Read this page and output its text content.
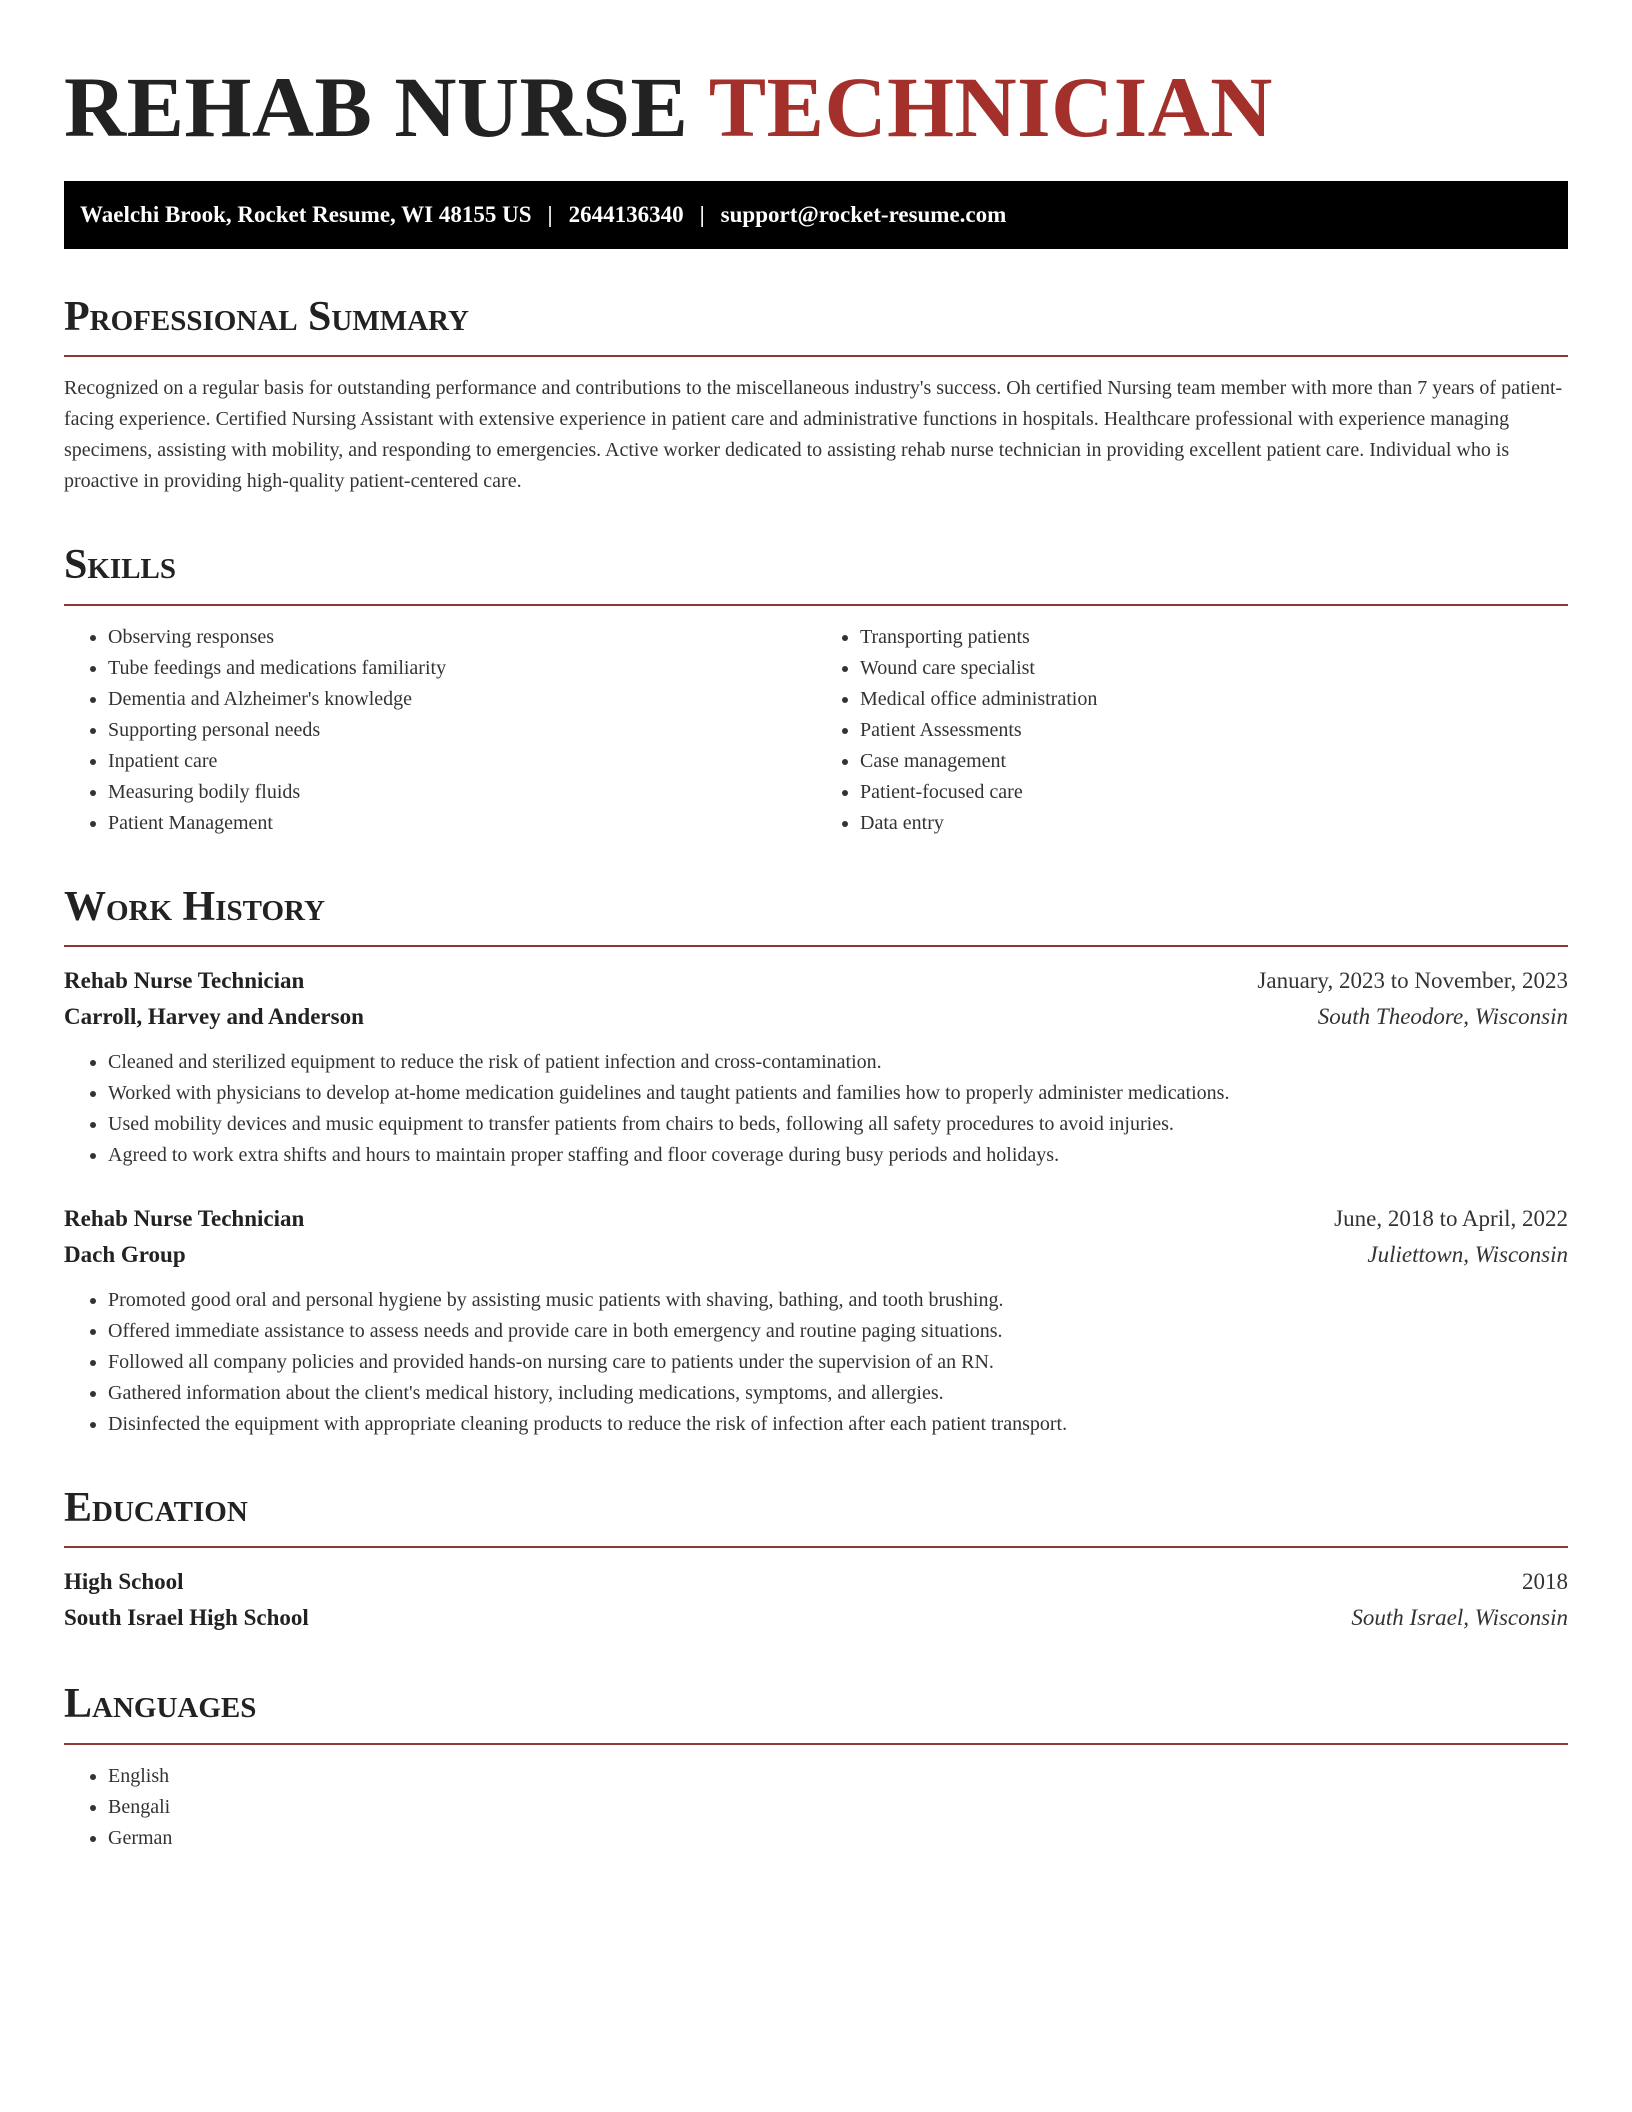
REHAB NURSE TECHNICIAN
Waelchi Brook, Rocket Resume, WI 48155 US | 2644136340 | support@rocket-resume.com
Professional Summary

Recognized on a regular basis for outstanding performance and contributions to the miscellaneous industry's success. Oh certified Nursing team member with more than 7 years of patient-facing experience. Certified Nursing Assistant with extensive experience in patient care and administrative functions in hospitals. Healthcare professional with experience managing specimens, assisting with mobility, and responding to emergencies. Active worker dedicated to assisting rehab nurse technician in providing excellent patient care. Individual who is proactive in providing high-quality patient-centered care.

Skills
• Observing responses
• Tube feedings and medications familiarity
• Dementia and Alzheimer's knowledge
• Supporting personal needs
• Inpatient care
• Measuring bodily fluids
• Patient Management
• Transporting patients
• Wound care specialist
• Medical office administration
• Patient Assessments
• Case management
• Patient-focused care
• Data entry
Work History
Rehab Nurse Technician	January, 2023 to November, 2023
Carroll, Harvey and Anderson	South Theodore, Wisconsin
• Cleaned and sterilized equipment to reduce the risk of patient infection and cross-contamination.
• Worked with physicians to develop at-home medication guidelines and taught patients and families how to properly administer medications.
• Used mobility devices and music equipment to transfer patients from chairs to beds, following all safety procedures to avoid injuries.
• Agreed to work extra shifts and hours to maintain proper staffing and floor coverage during busy periods and holidays.
Rehab Nurse Technician	June, 2018 to April, 2022
Dach Group	Juliettown, Wisconsin
• Promoted good oral and personal hygiene by assisting music patients with shaving, bathing, and tooth brushing.
• Offered immediate assistance to assess needs and provide care in both emergency and routine paging situations.
• Followed all company policies and provided hands-on nursing care to patients under the supervision of an RN.
• Gathered information about the client's medical history, including medications, symptoms, and allergies.
• Disinfected the equipment with appropriate cleaning products to reduce the risk of infection after each patient transport.
Education
High School	2018
South Israel High School	South Israel, Wisconsin
Languages
• English
• Bengali
• German
